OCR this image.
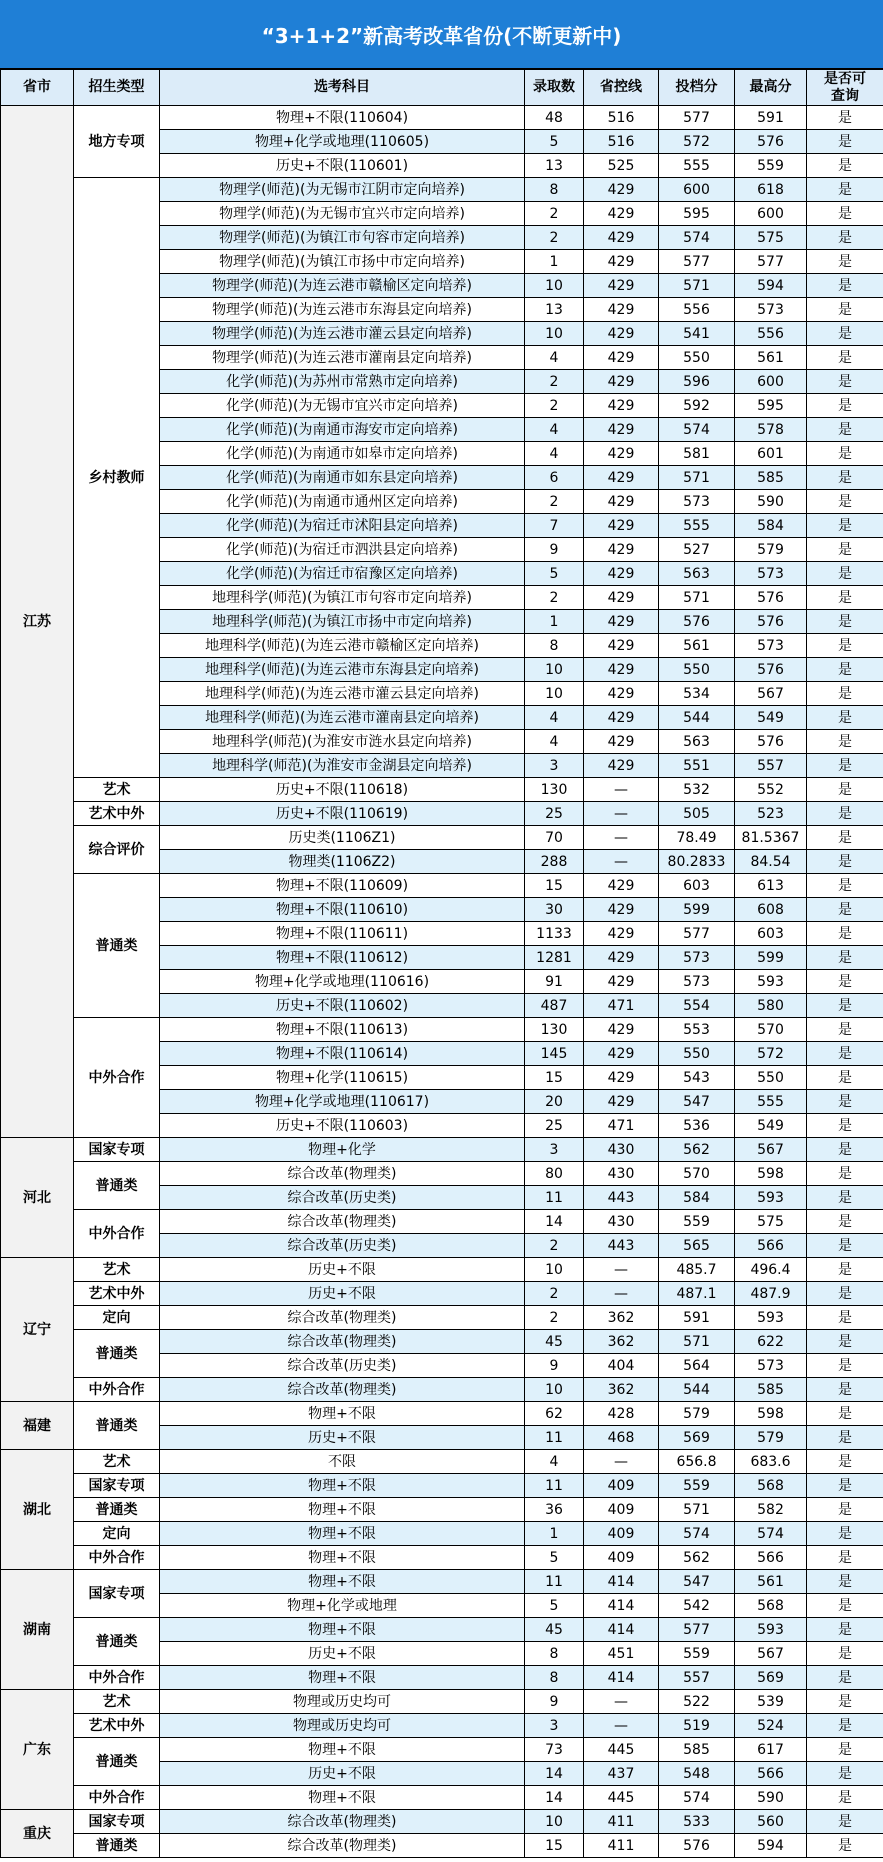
“3+1+2”新高考改革省份(不断更新中)
省市	招生类型	选考科目	录取数	省控线	投档分	最高分	是否可查询
江苏	地方专项	物理+不限(110604)	48	516	577	591	是
		物理+化学或地理(110605)	5	516	572	576	是
		历史+不限(110601)	13	525	555	559	是
	乡村教师	物理学(师范)(为无锡市江阴市定向培养)	8	429	600	618	是
		物理学(师范)(为无锡市宜兴市定向培养)	2	429	595	600	是
		物理学(师范)(为镇江市句容市定向培养)	2	429	574	575	是
		物理学(师范)(为镇江市扬中市定向培养)	1	429	577	577	是
		物理学(师范)(为连云港市赣榆区定向培养)	10	429	571	594	是
		物理学(师范)(为连云港市东海县定向培养)	13	429	556	573	是
		物理学(师范)(为连云港市灌云县定向培养)	10	429	541	556	是
		物理学(师范)(为连云港市灌南县定向培养)	4	429	550	561	是
		化学(师范)(为苏州市常熟市定向培养)	2	429	596	600	是
		化学(师范)(为无锡市宜兴市定向培养)	2	429	592	595	是
		化学(师范)(为南通市海安市定向培养)	4	429	574	578	是
		化学(师范)(为南通市如皋市定向培养)	4	429	581	601	是
		化学(师范)(为南通市如东县定向培养)	6	429	571	585	是
		化学(师范)(为南通市通州区定向培养)	2	429	573	590	是
		化学(师范)(为宿迁市沭阳县定向培养)	7	429	555	584	是
		化学(师范)(为宿迁市泗洪县定向培养)	9	429	527	579	是
		化学(师范)(为宿迁市宿豫区定向培养)	5	429	563	573	是
		地理科学(师范)(为镇江市句容市定向培养)	2	429	571	576	是
		地理科学(师范)(为镇江市扬中市定向培养)	1	429	576	576	是
		地理科学(师范)(为连云港市赣榆区定向培养)	8	429	561	573	是
		地理科学(师范)(为连云港市东海县定向培养)	10	429	550	576	是
		地理科学(师范)(为连云港市灌云县定向培养)	10	429	534	567	是
		地理科学(师范)(为连云港市灌南县定向培养)	4	429	544	549	是
		地理科学(师范)(为淮安市涟水县定向培养)	4	429	563	576	是
		地理科学(师范)(为淮安市金湖县定向培养)	3	429	551	557	是
	艺术	历史+不限(110618)	130	—	532	552	是
	艺术中外	历史+不限(110619)	25	—	505	523	是
	综合评价	历史类(1106Z1)	70	—	78.49	81.5367	是
		物理类(1106Z2)	288	—	80.2833	84.54	是
	普通类	物理+不限(110609)	15	429	603	613	是
		物理+不限(110610)	30	429	599	608	是
		物理+不限(110611)	1133	429	577	603	是
		物理+不限(110612)	1281	429	573	599	是
		物理+化学或地理(110616)	91	429	573	593	是
		历史+不限(110602)	487	471	554	580	是
	中外合作	物理+不限(110613)	130	429	553	570	是
		物理+不限(110614)	145	429	550	572	是
		物理+化学(110615)	15	429	543	550	是
		物理+化学或地理(110617)	20	429	547	555	是
		历史+不限(110603)	25	471	536	549	是
河北	国家专项	物理+化学	3	430	562	567	是
	普通类	综合改革(物理类)	80	430	570	598	是
		综合改革(历史类)	11	443	584	593	是
	中外合作	综合改革(物理类)	14	430	559	575	是
		综合改革(历史类)	2	443	565	566	是
辽宁	艺术	历史+不限	10	—	485.7	496.4	是
	艺术中外	历史+不限	2	—	487.1	487.9	是
	定向	综合改革(物理类)	2	362	591	593	是
	普通类	综合改革(物理类)	45	362	571	622	是
		综合改革(历史类)	9	404	564	573	是
	中外合作	综合改革(物理类)	10	362	544	585	是
福建	普通类	物理+不限	62	428	579	598	是
		历史+不限	11	468	569	579	是
湖北	艺术	不限	4	—	656.8	683.6	是
	国家专项	物理+不限	11	409	559	568	是
	普通类	物理+不限	36	409	571	582	是
	定向	物理+不限	1	409	574	574	是
	中外合作	物理+不限	5	409	562	566	是
湖南	国家专项	物理+不限	11	414	547	561	是
		物理+化学或地理	5	414	542	568	是
	普通类	物理+不限	45	414	577	593	是
		历史+不限	8	451	559	567	是
	中外合作	物理+不限	8	414	557	569	是
广东	艺术	物理或历史均可	9	—	522	539	是
	艺术中外	物理或历史均可	3	—	519	524	是
	普通类	物理+不限	73	445	585	617	是
		历史+不限	14	437	548	566	是
	中外合作	物理+不限	14	445	574	590	是
重庆	国家专项	综合改革(物理类)	10	411	533	560	是
	普通类	综合改革(物理类)	15	411	576	594	是
